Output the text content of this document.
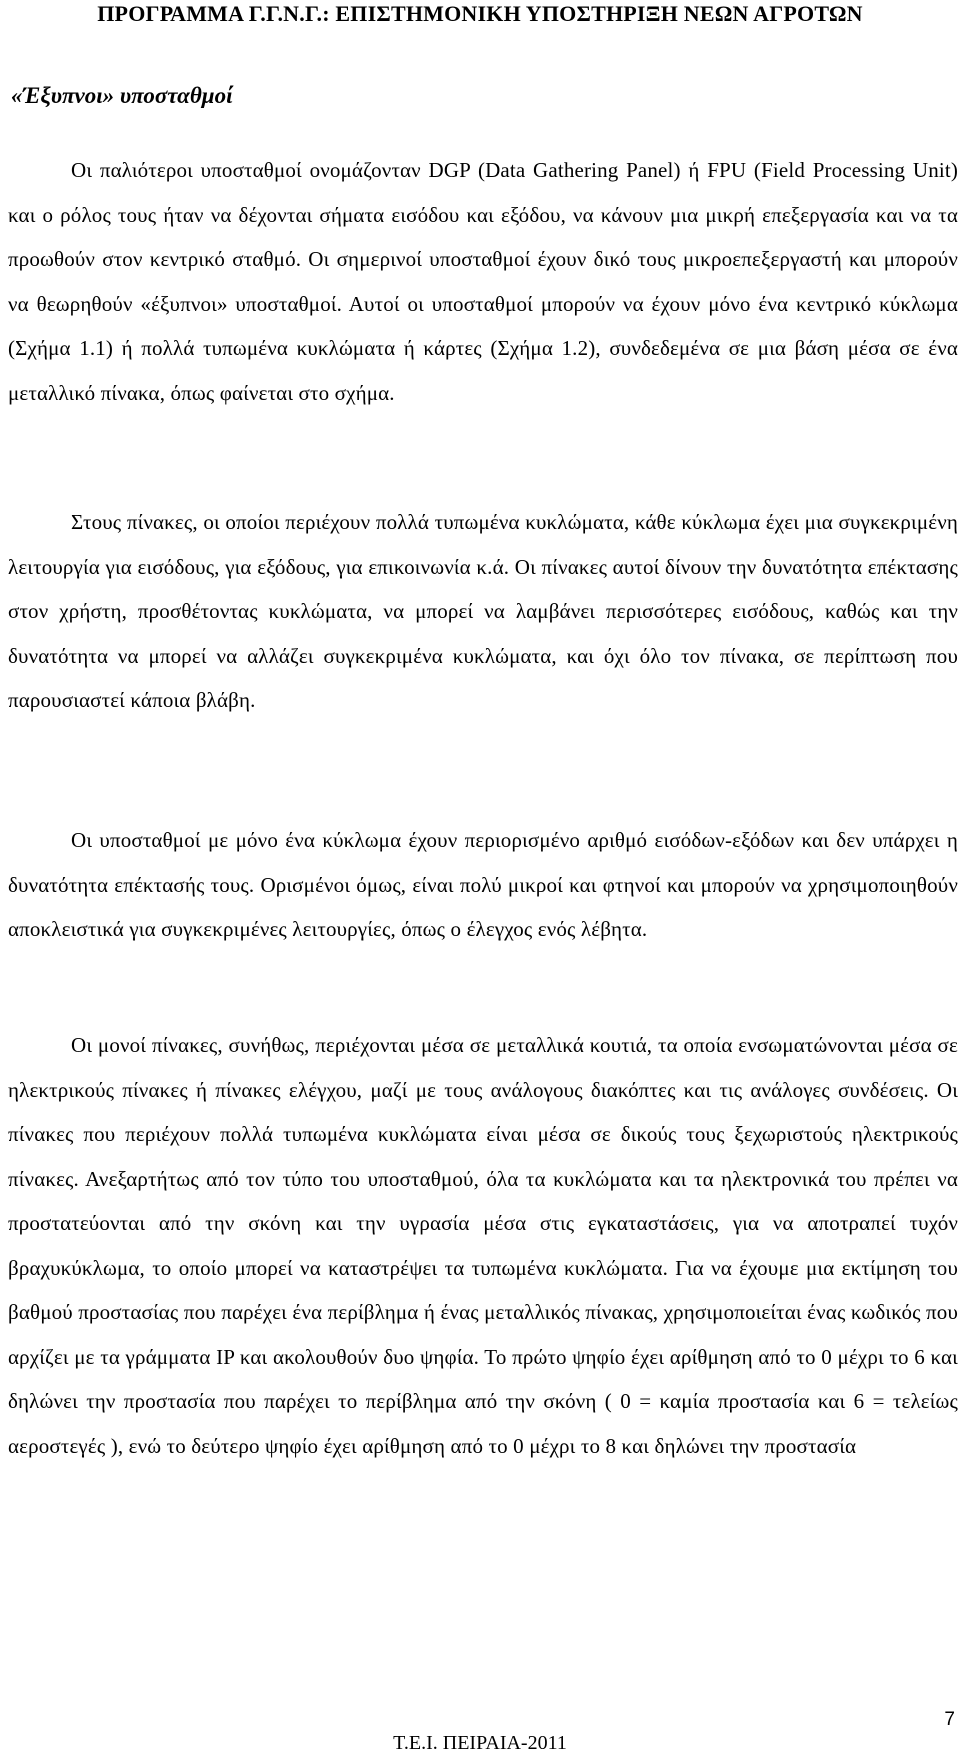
ΠΡΟΓΡΑΜΜΑ Γ.Γ.Ν.Γ.: ΕΠΙΣΤΗΜΟΝΙΚΗ ΥΠΟΣΤΗΡΙΞΗ ΝΕΩΝ ΑΓΡΟΤΩΝ
«Έξυπνοι» υποσταθμοί

Οι παλιότεροι υποσταθμοί ονομάζονταν DGP (Data Gathering Panel) ή FPU (Field Processing Unit) και ο ρόλος τους ήταν να δέχονται σήματα εισόδου και εξόδου, να κάνουν μια μικρή επεξεργασία και να τα προωθούν στον κεντρικό σταθμό. Οι σημερινοί υποσταθμοί έχουν δικό τους μικροεπεξεργαστή και μπορούν να θεωρηθούν «έξυπνοι» υποσταθμοί. Αυτοί οι υποσταθμοί μπορούν να έχουν μόνο ένα κεντρικό κύκλωμα (Σχήμα 1.1) ή πολλά τυπωμένα κυκλώματα ή κάρτες (Σχήμα 1.2), συνδεδεμένα σε μια βάση μέσα σε ένα μεταλλικό πίνακα, όπως φαίνεται στο σχήμα.

Στους πίνακες, οι οποίοι περιέχουν πολλά τυπωμένα κυκλώματα, κάθε κύκλωμα έχει μια συγκεκριμένη λειτουργία για εισόδους, για εξόδους, για επικοινωνία κ.ά. Οι πίνακες αυτοί δίνουν την δυνατότητα επέκτασης στον χρήστη, προσθέτοντας κυκλώματα, να μπορεί να λαμβάνει περισσότερες εισόδους, καθώς και την δυνατότητα να μπορεί να αλλάζει συγκεκριμένα κυκλώματα, και όχι όλο τον πίνακα, σε περίπτωση που παρουσιαστεί κάποια βλάβη.

Οι υποσταθμοί με μόνο ένα κύκλωμα έχουν περιορισμένο αριθμό εισόδων-εξόδων και δεν υπάρχει η δυνατότητα επέκτασής τους. Ορισμένοι όμως, είναι πολύ μικροί και φτηνοί και μπορούν να χρησιμοποιηθούν αποκλειστικά για συγκεκριμένες λειτουργίες, όπως ο έλεγχος ενός λέβητα.

Οι μονοί πίνακες, συνήθως, περιέχονται μέσα σε μεταλλικά κουτιά, τα οποία ενσωματώνονται μέσα σε ηλεκτρικούς πίνακες ή πίνακες ελέγχου, μαζί με τους ανάλογους διακόπτες και τις ανάλογες συνδέσεις. Οι πίνακες που περιέχουν πολλά τυπωμένα κυκλώματα είναι μέσα σε δικούς τους ξεχωριστούς ηλεκτρικούς πίνακες. Ανεξαρτήτως από τον τύπο του υποσταθμού, όλα τα κυκλώματα και τα ηλεκτρονικά του πρέπει να προστατεύονται από την σκόνη και την υγρασία μέσα στις εγκαταστάσεις, για να αποτραπεί τυχόν βραχυκύκλωμα, το οποίο μπορεί να καταστρέψει τα τυπωμένα κυκλώματα. Για να έχουμε μια εκτίμηση του βαθμού προστασίας που παρέχει ένα περίβλημα ή ένας μεταλλικός πίνακας, χρησιμοποιείται ένας κωδικός που αρχίζει με τα γράμματα IP και ακολουθούν δυο ψηφία. Το πρώτο ψηφίο έχει αρίθμηση από το 0 μέχρι το 6 και δηλώνει την προστασία που παρέχει το περίβλημα από την σκόνη ( 0 = καμία προστασία και 6 = τελείως αεροστεγές ), ενώ το δεύτερο ψηφίο έχει αρίθμηση από το 0 μέχρι το 8 και δηλώνει την προστασία

7
Τ.Ε.Ι. ΠΕΙΡΑΙΑ-2011
